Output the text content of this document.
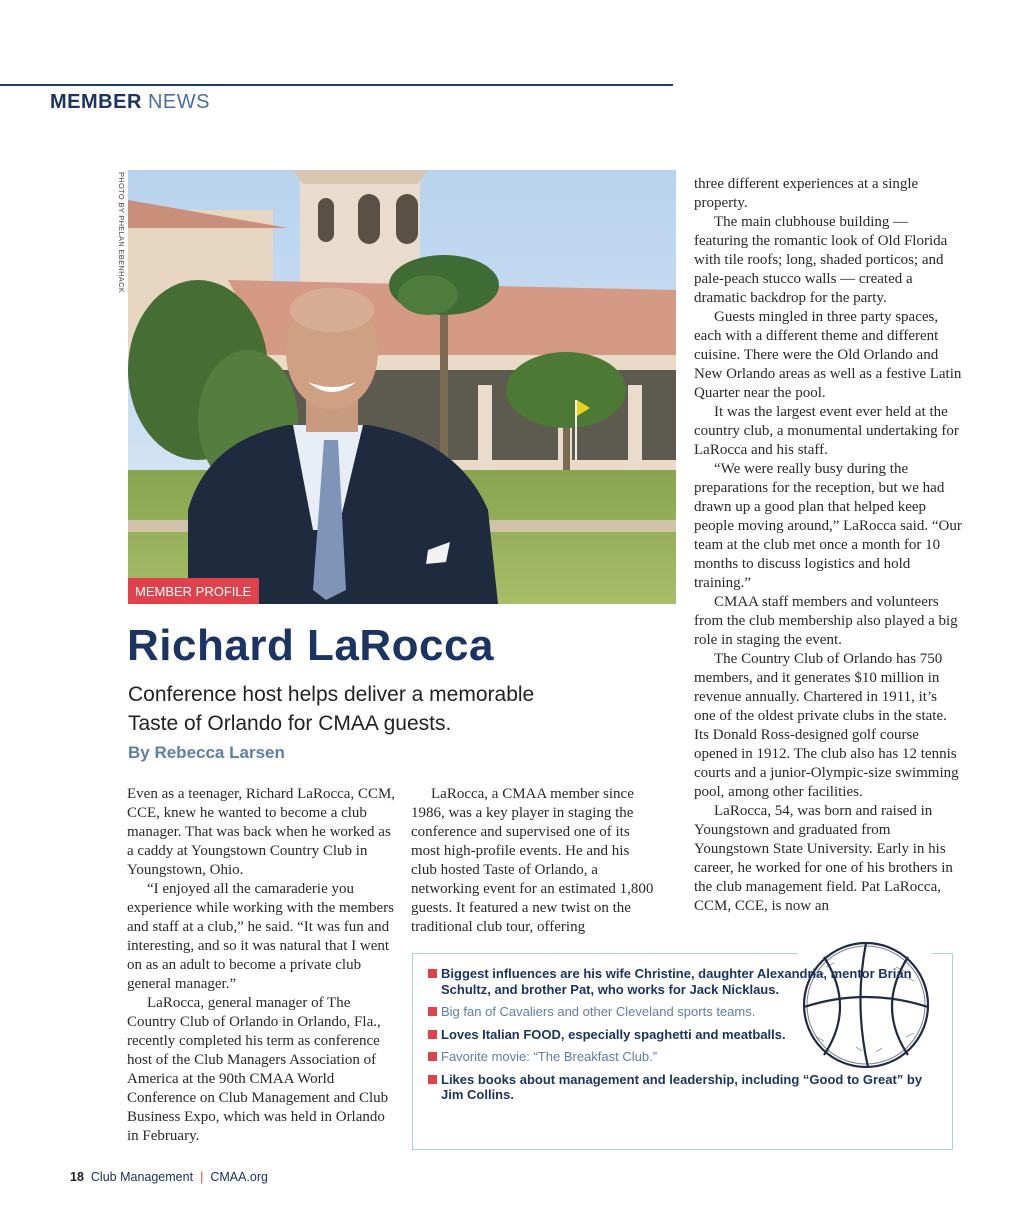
MEMBER NEWS
PHOTO BY PHELAN EBENHACK
MEMBER PROFILE
Richard LaRocca
Conference host helps deliver a memorable Taste of Orlando for CMAA guests.
By Rebecca Larsen

Even as a teenager, Richard LaRocca, CCM, CCE, knew he wanted to become a club manager. That was back when he worked as a caddy at Youngstown Country Club in Youngstown, Ohio.

“I enjoyed all the camaraderie you experience while working with the members and staff at a club,” he said. “It was fun and interesting, and so it was natural that I went on as an adult to become a private club general manager.”

LaRocca, general manager of The Country Club of Orlando in Orlando, Fla., recently completed his term as conference host of the Club Managers Association of America at the 90th CMAA World Conference on Club Management and Club Business Expo, which was held in Orlando in February.

LaRocca, a CMAA member since 1986, was a key player in staging the conference and supervised one of its most high-profile events. He and his club hosted Taste of Orlando, a networking event for an estimated 1,800 guests. It featured a new twist on the traditional club tour, offering

three different experiences at a single property.

The main clubhouse building — featuring the romantic look of Old Florida with tile roofs; long, shaded porticos; and pale-peach stucco walls — created a dramatic backdrop for the party.

Guests mingled in three party spaces, each with a different theme and different cuisine. There were the Old Orlando and New Orlando areas as well as a festive Latin Quarter near the pool.

It was the largest event ever held at the country club, a monumental undertaking for LaRocca and his staff.

“We were really busy during the preparations for the reception, but we had drawn up a good plan that helped keep people moving around,” LaRocca said. “Our team at the club met once a month for 10 months to discuss logistics and hold training.”

CMAA staff members and volunteers from the club membership also played a big role in staging the event.

The Country Club of Orlando has 750 members, and it generates $10 million in revenue annually. Chartered in 1911, it’s one of the oldest private clubs in the state. Its Donald Ross-designed golf course opened in 1912. The club also has 12 tennis courts and a junior-Olympic-size swimming pool, among other facilities.

LaRocca, 54, was born and raised in Youngstown and graduated from Youngstown State University. Early in his career, he worked for one of his brothers in the club management field. Pat LaRocca, CCM, CCE, is now an

Biggest influences are his wife Christine, daughter Alexandria, mentor Brian Schultz, and brother Pat, who works for Jack Nicklaus.
Big fan of Cavaliers and other Cleveland sports teams.
Loves Italian FOOD, especially spaghetti and meatballs.
Favorite movie: “The Breakfast Club.”
Likes books about management and leadership, including “Good to Great” by Jim Collins.
18 Club Management | CMAA.org
